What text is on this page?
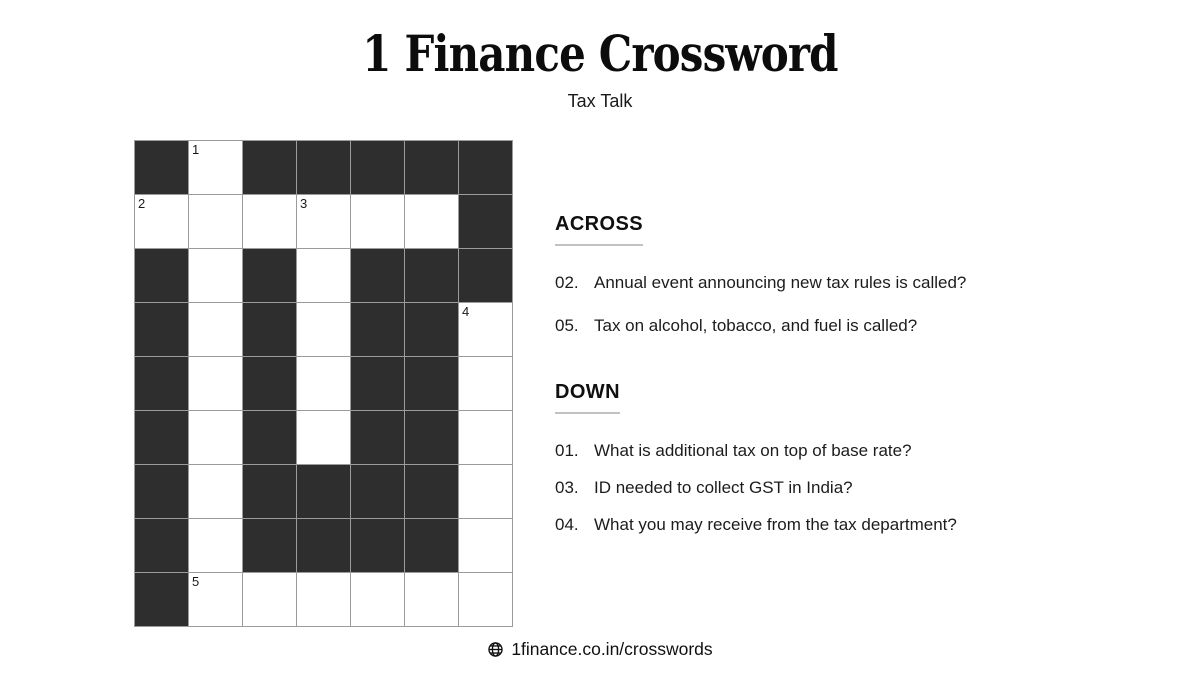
1 Finance Crossword
Tax Talk
1
2	3
4
5
ACROSS
02. Annual event announcing new tax rules is called?
05. Tax on alcohol, tobacco, and fuel is called?
DOWN
01. What is additional tax on top of base rate?
03. ID needed to collect GST in India?
04. What you may receive from the tax department?
1finance.co.in/crosswords
